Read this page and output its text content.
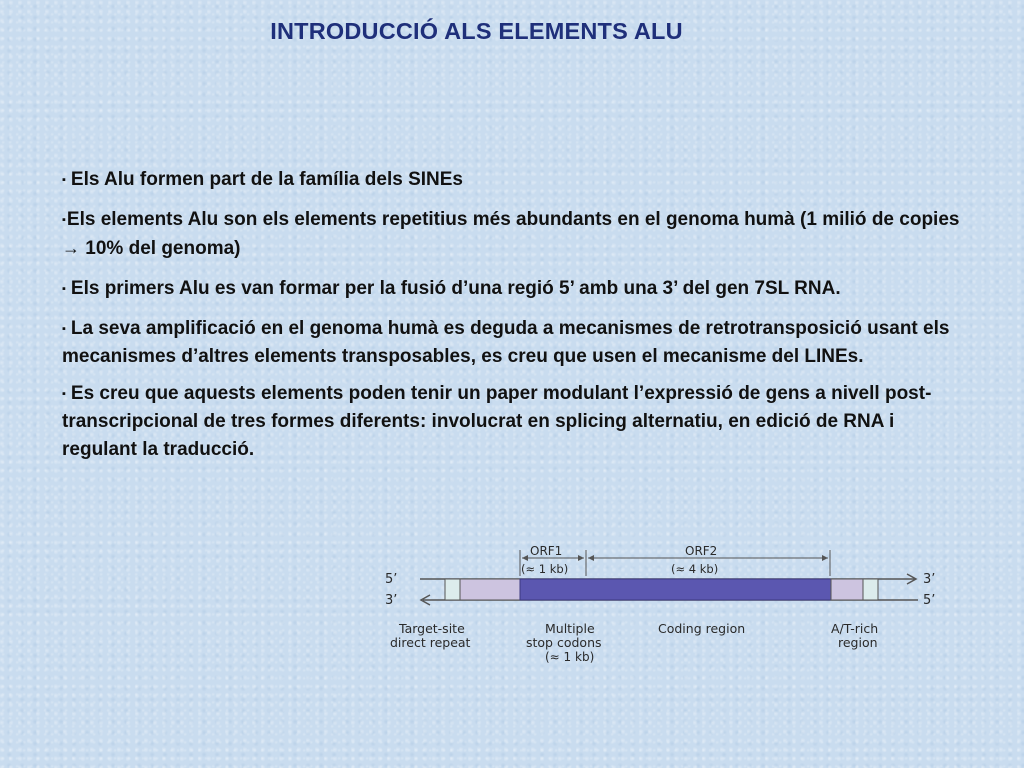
INTRODUCCIÓ ALS ELEMENTS ALU
▪ Els Alu formen part de la família dels SINEs
▪Els elements Alu son els elements repetitius més abundants en el genoma humà (1 milió de copies → 10% del genoma)
▪ Els primers Alu es van formar per la fusió d’una regió 5’ amb una 3’ del gen 7SL RNA.
▪ La seva amplificació en el genoma humà es deguda a mecanismes de retrotransposició usant els mecanismes d’altres elements transposables, es creu que usen el mecanisme del LINEs.
▪ Es creu que aquests elements poden tenir un paper modulant l’expressió de gens a nivell post-transcripcional de tres formes diferents: involucrat en splicing alternatiu, en edició de RNA i regulant la traducció.
ORF1
(≈ 1 kb)
ORF2
(≈ 4 kb)
5’
3’
3’
5’
Target-site
direct repeat
Multiple
stop codons
(≈ 1 kb)
Coding region	A/T-rich
region
